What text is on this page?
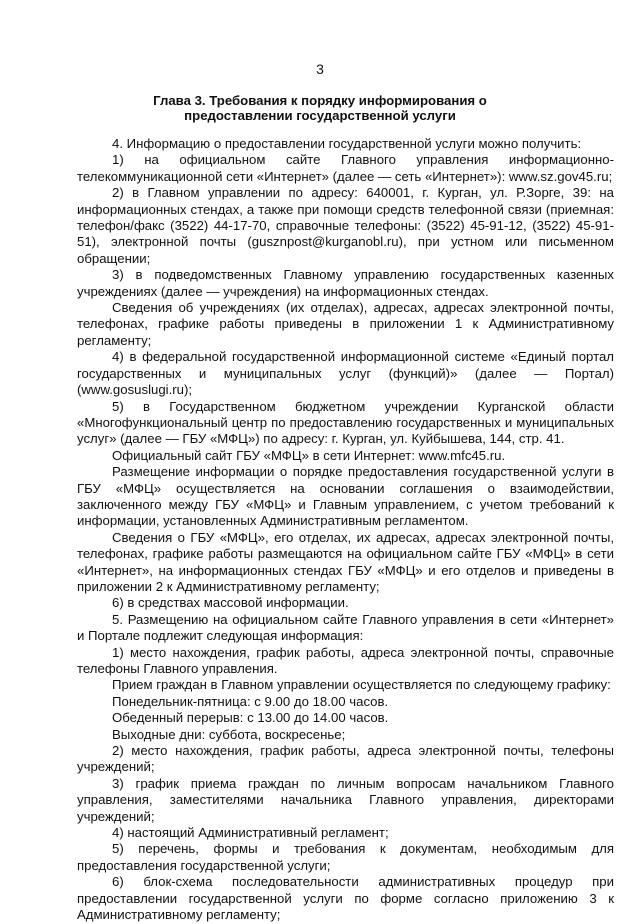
3
Глава 3. Требования к порядку информирования о предоставлении государственной услуги

4. Информацию о предоставлении государственной услуги можно получить:

1) на официальном сайте Главного управления информационно-телекоммуникационной сети «Интернет» (далее — сеть «Интернет»): www.sz.gov45.ru;

2) в Главном управлении по адресу: 640001, г. Курган, ул. Р.Зорге, 39: на информационных стендах, а также при помощи средств телефонной связи (приемная: телефон/факс (3522) 44-17-70, справочные телефоны: (3522) 45-91-12, (3522) 45-91-51), электронной почты (gusznpost@kurganobl.ru), при устном или письменном обращении;

3) в подведомственных Главному управлению государственных казенных учреждениях (далее — учреждения) на информационных стендах.

Сведения об учреждениях (их отделах), адресах, адресах электронной почты, телефонах, графике работы приведены в приложении 1 к Административному регламенту;

4) в федеральной государственной информационной системе «Единый портал государственных и муниципальных услуг (функций)» (далее — Портал) (www.gosuslugi.ru);

5) в Государственном бюджетном учреждении Курганской области «Многофункциональный центр по предоставлению государственных и муниципальных услуг» (далее — ГБУ «МФЦ») по адресу: г. Курган, ул. Куйбышева, 144, стр. 41.

Официальный сайт ГБУ «МФЦ» в сети Интернет: www.mfc45.ru.

Размещение информации о порядке предоставления государственной услуги в ГБУ «МФЦ» осуществляется на основании соглашения о взаимодействии, заключенного между ГБУ «МФЦ» и Главным управлением, с учетом требований к информации, установленных Административным регламентом.

Сведения о ГБУ «МФЦ», его отделах, их адресах, адресах электронной почты, телефонах, графике работы размещаются на официальном сайте ГБУ «МФЦ» в сети «Интернет», на информационных стендах ГБУ «МФЦ» и его отделов и приведены в приложении 2 к Административному регламенту;

6) в средствах массовой информации.

5. Размещению на официальном сайте Главного управления в сети «Интернет» и Портале подлежит следующая информация:

1) место нахождения, график работы, адреса электронной почты, справочные телефоны Главного управления.

Прием граждан в Главном управлении осуществляется по следующему графику:

Понедельник-пятница: с 9.00 до 18.00 часов.

Обеденный перерыв: с 13.00 до 14.00 часов.

Выходные дни: суббота, воскресенье;

2) место нахождения, график работы, адреса электронной почты, телефоны учреждений;

3) график приема граждан по личным вопросам начальником Главного управления, заместителями начальника Главного управления, директорами учреждений;

4) настоящий Административный регламент;

5) перечень, формы и требования к документам, необходимым для предоставления государственной услуги;

6) блок-схема последовательности административных процедур при предоставлении государственной услуги по форме согласно приложению 3 к Административному регламенту;
